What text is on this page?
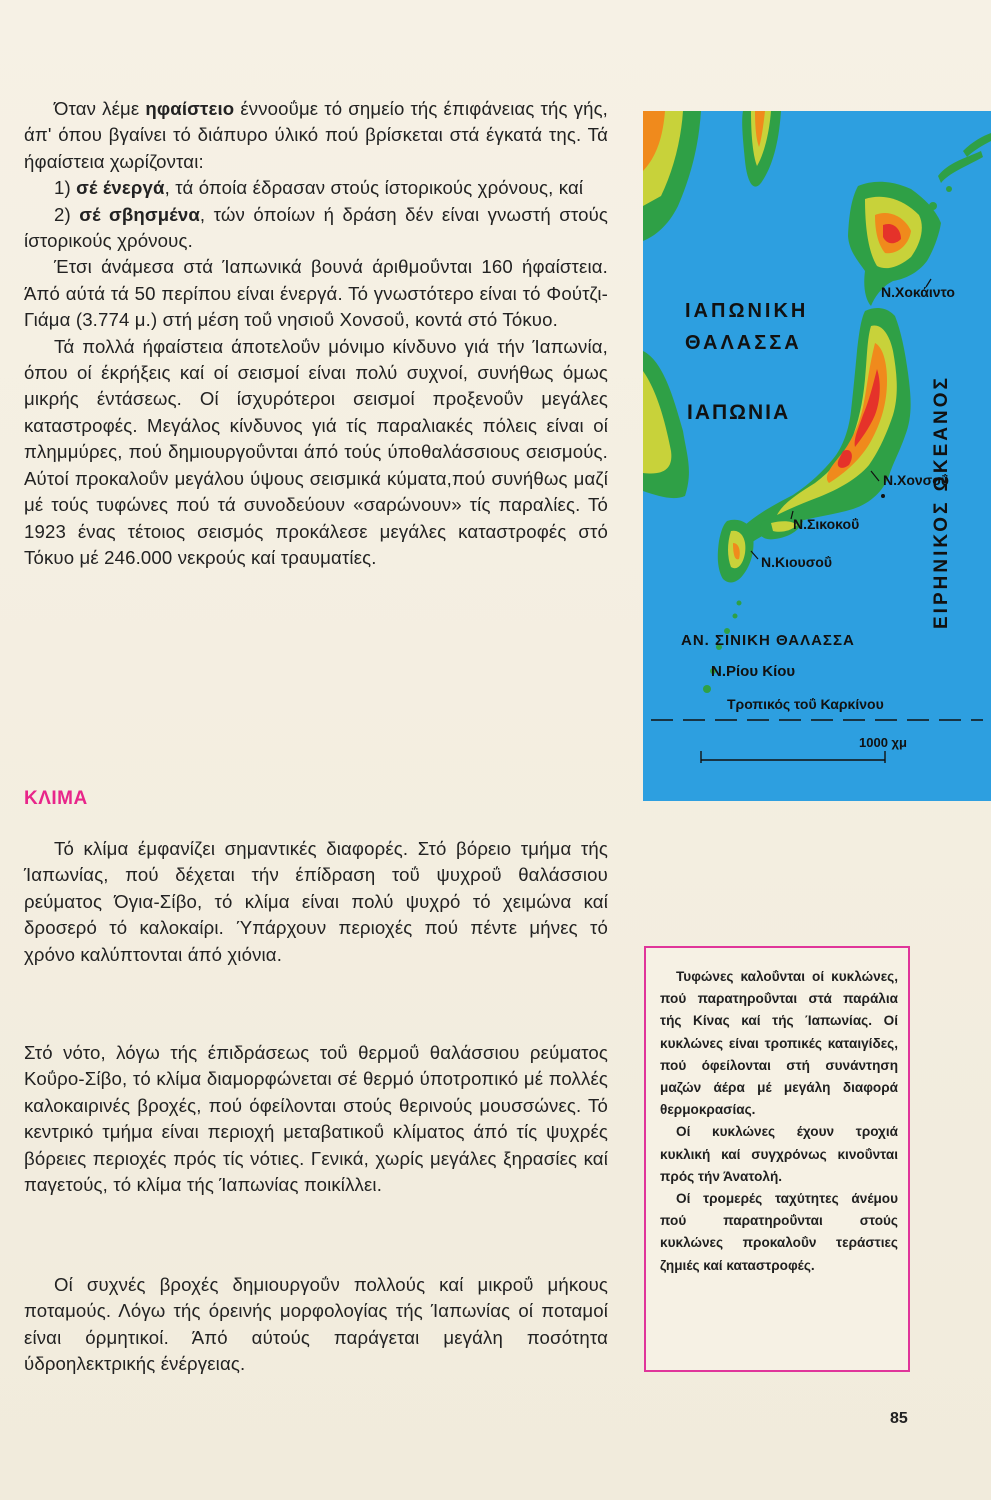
Όταν λέμε ηφαίστειο έννοοΰμε τό σημείο τής έπιφάνειας τής γής, άπ' όπου βγαίνει τό διάπυρο ύλικό πού βρίσκεται στά έγκατά της. Τά ήφαίστεια χωρίζονται:

1) σέ ένεργά, τά όποία έδρασαν στούς ίστορικούς χρόνους, καί

2) σέ σβησμένα, τών όποίων ή δράση δέν είναι γνωστή στούς ίστορικούς χρόνους.

Έτσι άνάμεσα στά Ίαπωνικά βουνά άριθμοΰνται 160 ήφαίστεια. Άπό αύτά τά 50 περίπου είναι ένεργά. Τό γνωστότερο είναι τό Φούτζι-Γιάμα (3.774 μ.) στή μέση τοΰ νησιοΰ Χονσοΰ, κοντά στό Τόκυο.

Τά πολλά ήφαίστεια άποτελοΰν μόνιμο κίνδυνο γιά τήν Ίαπωνία, όπου οί έκρήξεις καί οί σεισμοί είναι πολύ συχνοί, συνήθως όμως μικρής έντάσεως. Οί ίσχυρότεροι σεισμοί προξενοΰν μεγάλες καταστροφές. Μεγάλος κίνδυνος γιά τίς παραλιακές πόλεις είναι οί πλημμύρες, πού δημιουργοΰνται άπό τούς ύποθαλάσσιους σεισμούς. Αύτοί προκαλοΰν μεγάλου ύψους σεισμικά κύματα,πού συνήθως μαζί μέ τούς τυφώνες πού τά συνοδεύουν «σαρώνουν» τίς παραλίες. Τό 1923 ένας τέτοιος σεισμός προκάλεσε μεγάλες καταστροφές στό Τόκυο μέ 246.000 νεκρούς καί τραυματίες.

ΚΛΙΜΑ

Τό κλίμα έμφανίζει σημαντικές διαφορές. Στό βόρειο τμήμα τής Ίαπωνίας, πού δέχεται τήν έπίδραση τοΰ ψυχροΰ θαλάσσιου ρεύματος Όγια-Σίβο, τό κλίμα είναι πολύ ψυχρό τό χειμώνα καί δροσερό τό καλοκαίρι. Ύπάρχουν περιοχές πού πέντε μήνες τό χρόνο καλύπτονται άπό χιόνια.

Στό νότο, λόγω τής έπιδράσεως τοΰ θερμοΰ θαλάσσιου ρεύματος Κοΰρο-Σίβο, τό κλίμα διαμορφώνεται σέ θερμό ύποτροπικό μέ πολλές καλοκαιρινές βροχές, πού όφείλονται στούς θερινούς μουσσώνες. Τό κεντρικό τμήμα είναι περιοχή μεταβατικοΰ κλίματος άπό τίς ψυχρές βόρειες περιοχές πρός τίς νότιες. Γενικά, χωρίς μεγάλες ξηρασίες καί παγετούς, τό κλίμα τής Ίαπωνίας ποικίλλει.

Οί συχνές βροχές δημιουργοΰν πολλούς καί μικροΰ μήκους ποταμούς. Λόγω τής όρεινής μορφολογίας τής Ίαπωνίας οί ποταμοί είναι όρμητικοί. Άπό αύτούς παράγεται μεγάλη ποσότητα ύδροηλεκτρικής ένέργειας.

ΙΑΠΩΝΙΚΗ
ΘΑΛΑΣΣΑ
ΙΑΠΩΝΙΑ	ΕΙΡΗΝΙΚΟΣ ΩΚΕΑΝΟΣ
Ν.Χοκάιντο
Ν.Χονσοΰ
Ν.Σικοκοΰ
Ν.Κιουσοΰ
ΑΝ. ΣΙΝΙΚΗ ΘΑΛΑΣΣΑ
Ν.Ρίου Κίου
Τροπικός τοΰ Καρκίνου
1000 χμ

Τυφώνες καλοΰνται οί κυκλώνες, πού παρατηροΰνται στά παράλια τής Κίνας καί τής Ίαπωνίας. Οί κυκλώνες είναι τροπικές καταιγίδες, πού όφείλονται στή συνάντηση μαζών άέρα μέ μεγάλη διαφορά θερμοκρασίας.

Οί κυκλώνες έχουν τροχιά κυκλική καί συγχρόνως κινοΰνται πρός τήν Άνατολή.

Οί τρομερές ταχύτητες άνέμου πού παρατηροΰνται στούς κυκλώνες προκαλοΰν τεράστιες ζημιές καί καταστροφές.

85
